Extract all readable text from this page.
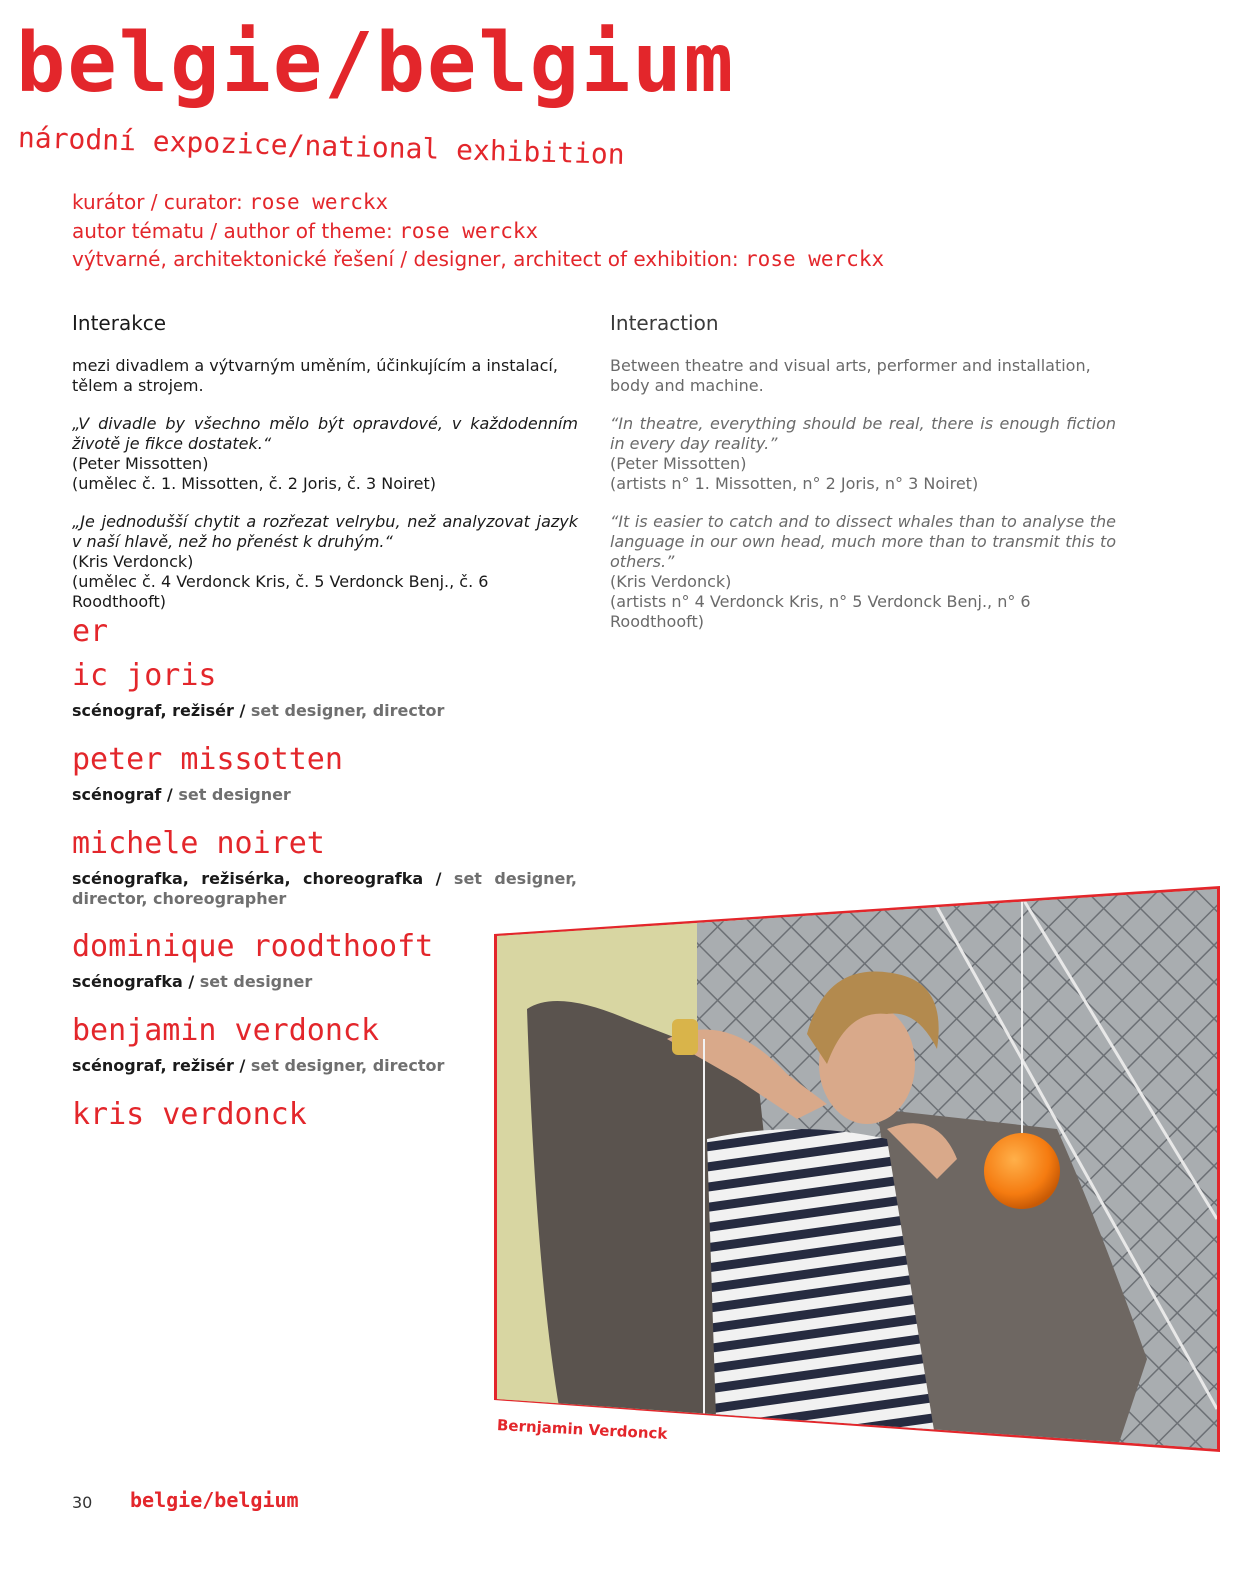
belgie/belgium
národní expozice/national exhibition
kurátor / curator: rose werckx
autor tématu / author of theme: rose werckx
výtvarné, architektonické řešení / designer, architect of exhibition: rose werckx
Interakce

mezi divadlem a výtvarným uměním, účinkujícím a instalací, tělem a strojem.

„V divadle by všechno mělo být opravdové, v každodenním životě je fikce dostatek.“
(Peter Missotten)
(umělec č. 1. Missotten, č. 2 Joris, č. 3 Noiret)

„Je jednodušší chytit a rozřezat velrybu, než analyzovat jazyk v naší hlavě, než ho přenést k druhým.“
(Kris Verdonck)
(umělec č. 4 Verdonck Kris, č. 5 Verdonck Benj., č. 6 Roodthooft)

Interaction

Between theatre and visual arts, performer and installation, body and machine.

“In theatre, everything should be real, there is enough fiction in every day reality.”
(Peter Missotten)
(artists n° 1. Missotten, n° 2 Joris, n° 3 Noiret)

“It is easier to catch and to dissect whales than to analyse the language in our own head, much more than to transmit this to others.”
(Kris Verdonck)
(artists n° 4 Verdonck Kris, n° 5 Verdonck Benj., n° 6 Roodthooft)

er
ic joris
scénograf, režisér / set designer, director
peter missotten
scénograf / set designer
michele noiret
scénografka, režisérka, choreografka / set designer, director, choreographer
dominique roodthooft
scénografka / set designer
benjamin verdonck
scénograf, režisér / set designer, director
kris verdonck
Bernjamin Verdonck
30 belgie/belgium
